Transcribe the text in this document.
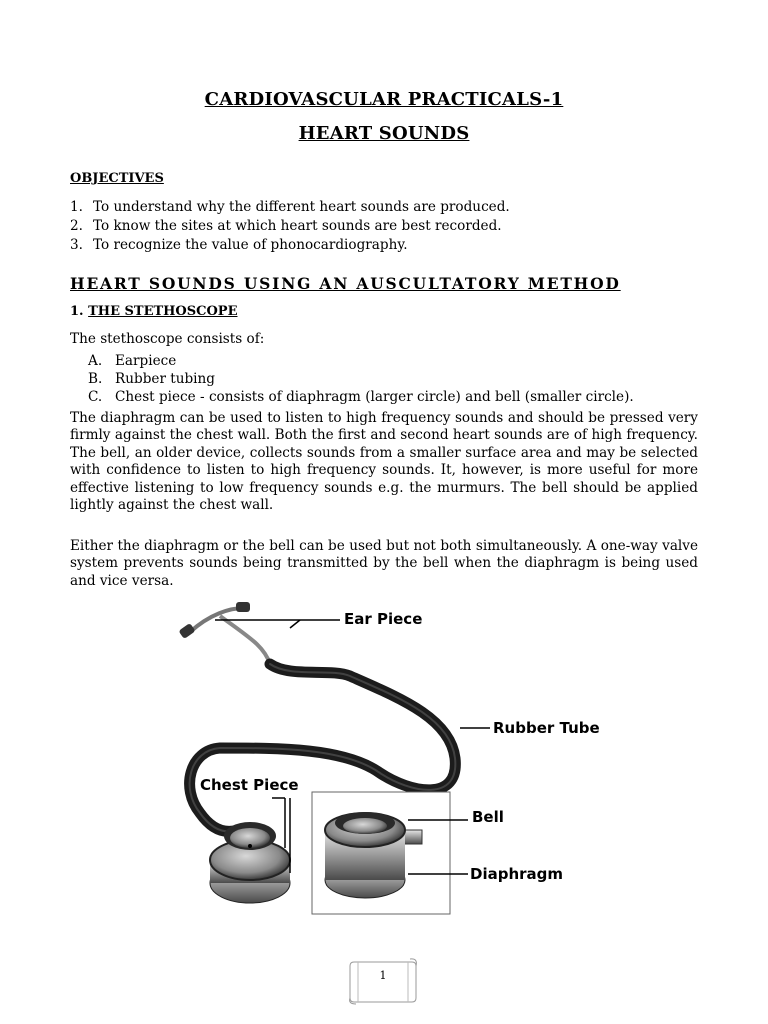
CARDIOVASCULAR PRACTICALS-1
HEART SOUNDS
OBJECTIVES
1. To understand why the different heart sounds are produced.
2. To know the sites at which heart sounds are best recorded.
3. To recognize the value of phonocardiography.
HEART SOUNDS USING AN AUSCULTATORY METHOD
1. THE STETHOSCOPE
The stethoscope consists of:
A. Earpiece
B. Rubber tubing
C. Chest piece - consists of diaphragm (larger circle) and bell (smaller circle).

The diaphragm can be used to listen to high frequency sounds and should be pressed very firmly against the chest wall. Both the first and second heart sounds are of high frequency. The bell, an older device, collects sounds from a smaller surface area and may be selected with confidence to listen to high frequency sounds. It, however, is more useful for more effective listening to low frequency sounds e.g. the murmurs. The bell should be applied lightly against the chest wall.

Either the diaphragm or the bell can be used but not both simultaneously. A one-way valve system prevents sounds being transmitted by the bell when the diaphragm is being used and vice versa.

Ear Piece
Rubber Tube
Chest Piece
Bell
Diaphragm
1
